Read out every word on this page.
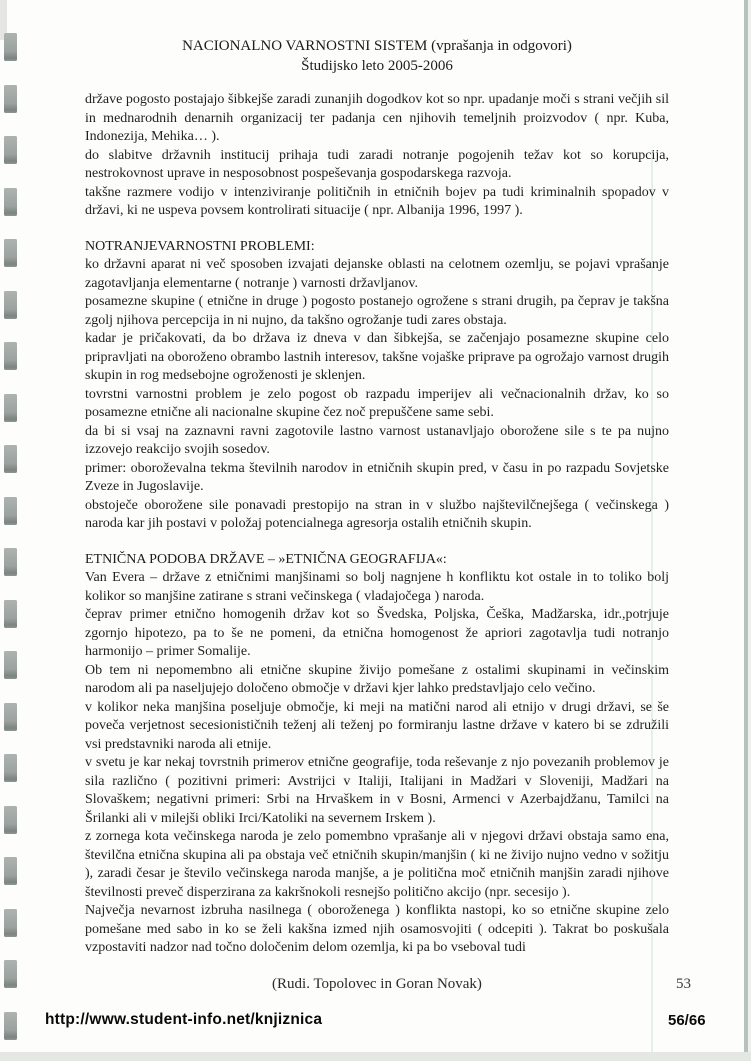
NACIONALNO VARNOSTNI SISTEM (vprašanja in odgovori)
Študijsko leto 2005-2006

države pogosto postajajo šibkejše zaradi zunanjih dogodkov kot so npr. upadanje moči s strani večjih sil in mednarodnih denarnih organizacij ter padanja cen njihovih temeljnih proizvodov ( npr. Kuba, Indonezija, Mehika… ).

do slabitve državnih institucij prihaja tudi zaradi notranje pogojenih težav kot so korupcija, nestrokovnost uprave in nesposobnost pospeševanja gospodarskega razvoja.

takšne razmere vodijo v intenziviranje političnih in etničnih bojev pa tudi kriminalnih spopadov v državi, ki ne uspeva povsem kontrolirati situacije ( npr. Albanija 1996, 1997 ).

NOTRANJEVARNOSTNI PROBLEMI:

ko državni aparat ni več sposoben izvajati dejanske oblasti na celotnem ozemlju, se pojavi vprašanje zagotavljanja elementarne ( notranje ) varnosti državljanov.

posamezne skupine ( etnične in druge ) pogosto postanejo ogrožene s strani drugih, pa čeprav je takšna zgolj njihova percepcija in ni nujno, da takšno ogrožanje tudi zares obstaja.

kadar je pričakovati, da bo država iz dneva v dan šibkejša, se začenjajo posamezne skupine celo pripravljati na oboroženo obrambo lastnih interesov, takšne vojaške priprave pa ogrožajo varnost drugih skupin in rog medsebojne ogroženosti je sklenjen.

tovrstni varnostni problem je zelo pogost ob razpadu imperijev ali večnacionalnih držav, ko so posamezne etnične ali nacionalne skupine čez noč prepuščene same sebi.

da bi si vsaj na zaznavni ravni zagotovile lastno varnost ustanavljajo oborožene sile s te pa nujno izzovejo reakcijo svojih sosedov.

primer: oboroževalna tekma številnih narodov in etničnih skupin pred, v času in po razpadu Sovjetske Zveze in Jugoslavije.

obstoječe oborožene sile ponavadi prestopijo na stran in v službo najštevilčnejšega ( večinskega ) naroda kar jih postavi v položaj potencialnega agresorja ostalih etničnih skupin.

ETNIČNA PODOBA DRŽAVE – »ETNIČNA GEOGRAFIJA«:

Van Evera – države z etničnimi manjšinami so bolj nagnjene h konfliktu kot ostale in to toliko bolj kolikor so manjšine zatirane s strani večinskega ( vladajočega ) naroda.

čeprav primer etnično homogenih držav kot so Švedska, Poljska, Češka, Madžarska, idr.,potrjuje zgornjo hipotezo, pa to še ne pomeni, da etnična homogenost že apriori zagotavlja tudi notranjo harmonijo – primer Somalije.

Ob tem ni nepomembno ali etnične skupine živijo pomešane z ostalimi skupinami in večinskim narodom ali pa naseljujejo določeno območje v državi kjer lahko predstavljajo celo večino.

v kolikor neka manjšina poseljuje območje, ki meji na matični narod ali etnijo v drugi državi, se še poveča verjetnost secesionističnih teženj ali teženj po formiranju lastne države v katero bi se združili vsi predstavniki naroda ali etnije.

v svetu je kar nekaj tovrstnih primerov etnične geografije, toda reševanje z njo povezanih problemov je sila različno ( pozitivni primeri: Avstrijci v Italiji, Italijani in Madžari v Sloveniji, Madžari na Slovaškem; negativni primeri: Srbi na Hrvaškem in v Bosni, Armenci v Azerbajdžanu, Tamilci na Šrilanki ali v milejši obliki Irci/Katoliki na severnem Irskem ).

z zornega kota večinskega naroda je zelo pomembno vprašanje ali v njegovi državi obstaja samo ena, številčna etnična skupina ali pa obstaja več etničnih skupin/manjšin ( ki ne živijo nujno vedno v sožitju ), zaradi česar je število večinskega naroda manjše, a je politična moč etničnih manjšin zaradi njihove številnosti preveč disperzirana za kakršnokoli resnejšo politično akcijo (npr. secesijo ).

Največja nevarnost izbruha nasilnega ( oboroženega ) konflikta nastopi, ko so etnične skupine zelo pomešane med sabo in ko se želi kakšna izmed njih osamosvojiti ( odcepiti ). Takrat bo poskušala vzpostaviti nadzor nad točno določenim delom ozemlja, ki pa bo vseboval tudi

(Rudi. Topolovec in Goran Novak)	53
http://www.student-info.net/knjiznica	56/66
